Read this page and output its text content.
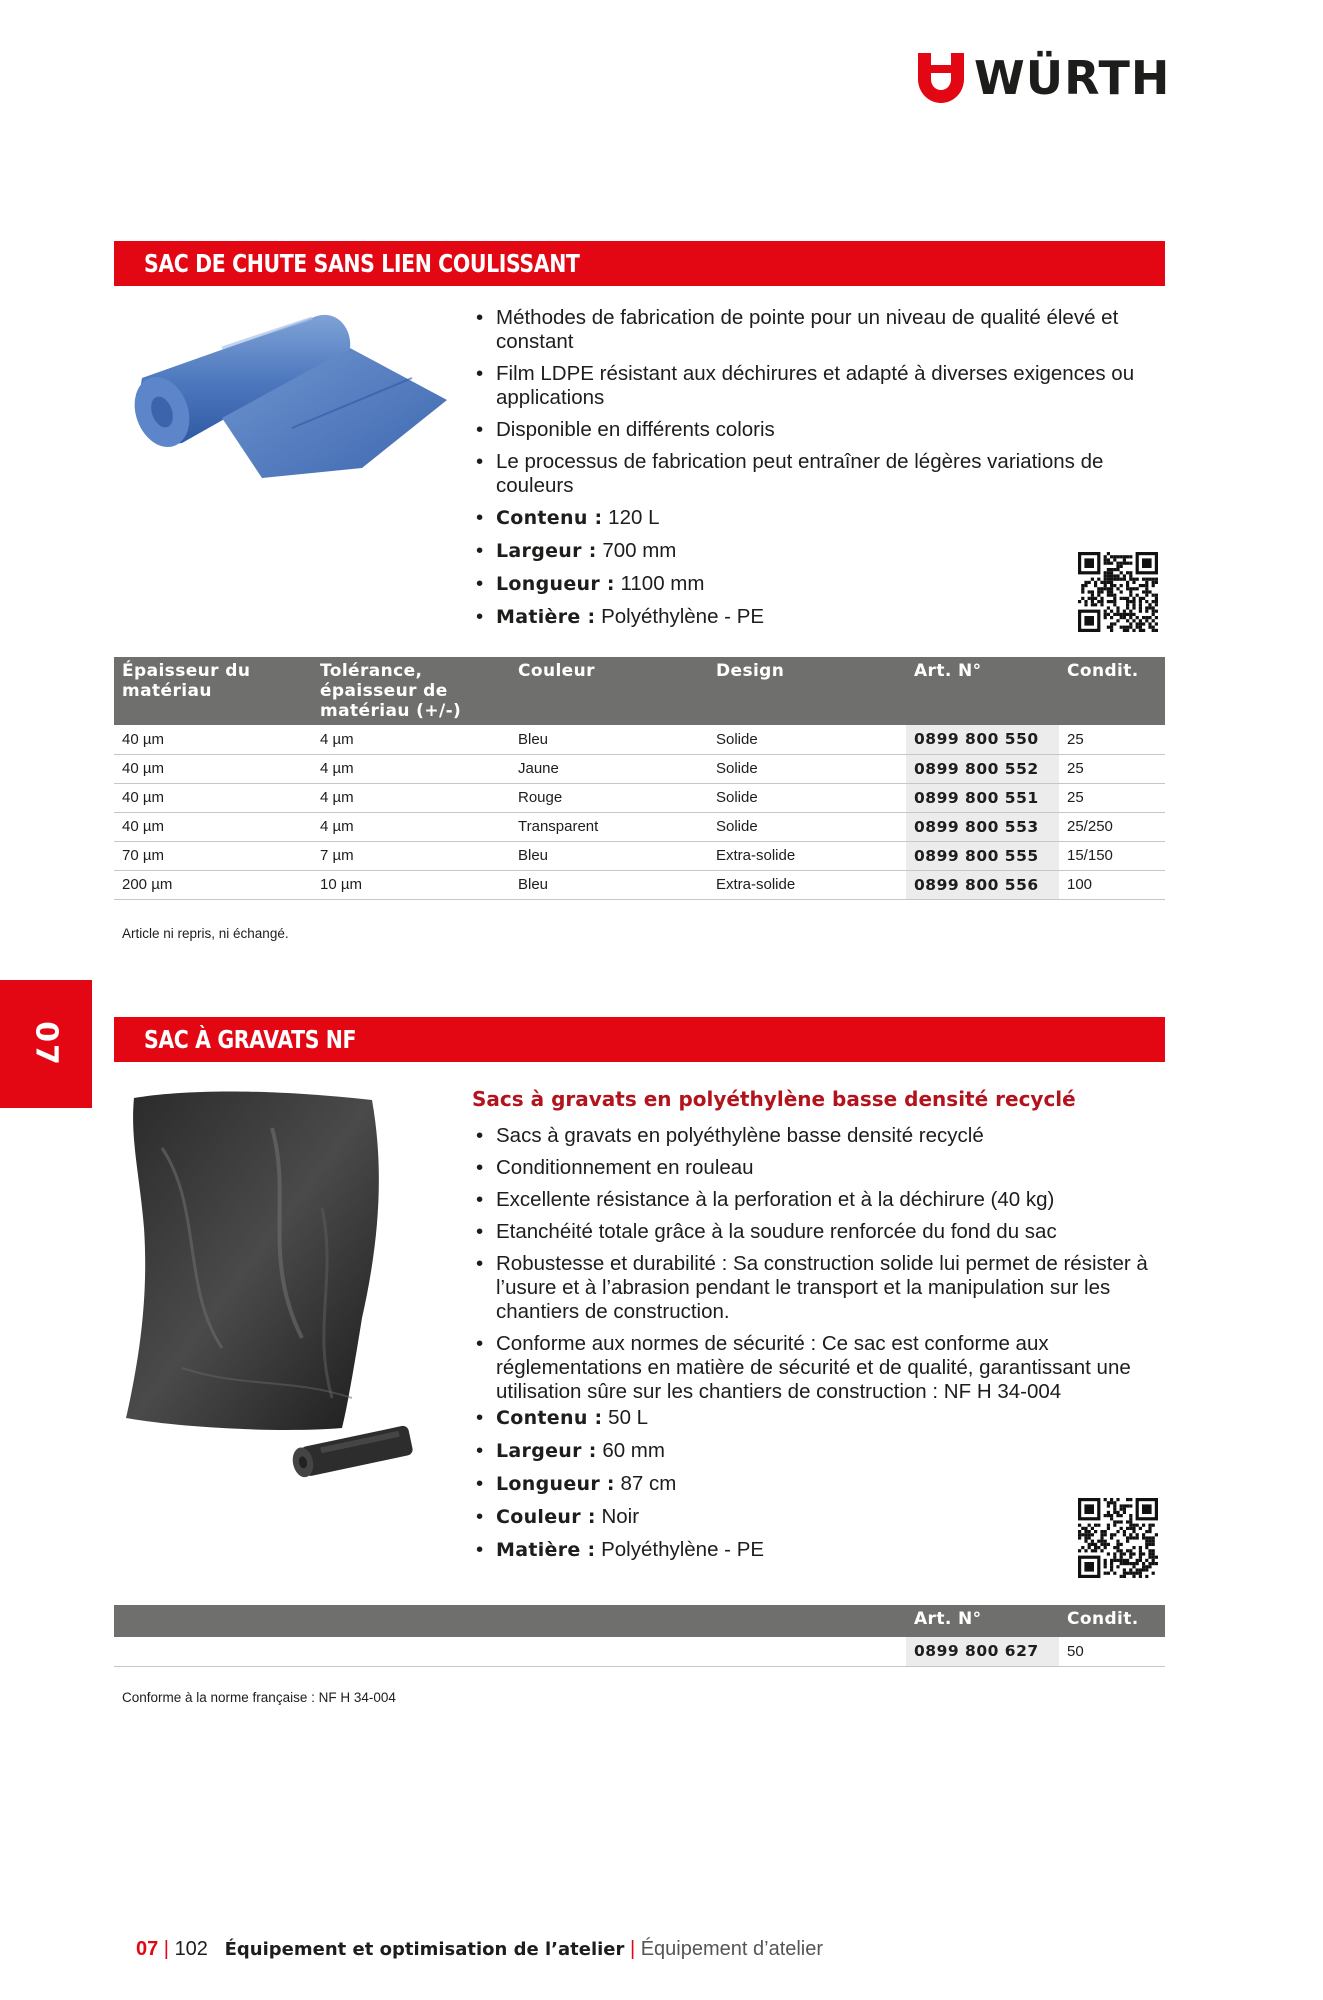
WÜRTH
SAC DE CHUTE SANS LIEN COULISSANT
• Méthodes de fabrication de pointe pour un niveau de qualité élevé et constant
• Film LDPE résistant aux déchirures et adapté à diverses exigences ou applications
• Disponible en différents coloris
• Le processus de fabrication peut entraîner de légères variations de couleurs
• Contenu : 120 L
• Largeur : 700 mm
• Longueur : 1100 mm
• Matière : Polyéthylène - PE
Épaisseur du matériau	Tolérance, épaisseur de matériau (+/-)	Couleur	Design	Art. N°	Condit.
40 µm	4 µm	Bleu	Solide	0899 800 550	25
40 µm	4 µm	Jaune	Solide	0899 800 552	25
40 µm	4 µm	Rouge	Solide	0899 800 551	25
40 µm	4 µm	Transparent	Solide	0899 800 553	25/250
70 µm	7 µm	Bleu	Extra-solide	0899 800 555	15/150
200 µm	10 µm	Bleu	Extra-solide	0899 800 556	100
Article ni repris, ni échangé.
07	SAC À GRAVATS NF
Sacs à gravats en polyéthylène basse densité recyclé
• Sacs à gravats en polyéthylène basse densité recyclé
• Conditionnement en rouleau
• Excellente résistance à la perforation et à la déchirure (40 kg)
• Etanchéité totale grâce à la soudure renforcée du fond du sac
• Robustesse et durabilité : Sa construction solide lui permet de résister à l’usure et à l’abrasion pendant le transport et la manipulation sur les chantiers de construction.
• Conforme aux normes de sécurité : Ce sac est conforme aux réglementations en matière de sécurité et de qualité, garantissant une utilisation sûre sur les chantiers de construction : NF H 34-004
• Contenu : 50 L
• Largeur : 60 mm
• Longueur : 87 cm
• Couleur : Noir
• Matière : Polyéthylène - PE
	Art. N°	Condit.
	0899 800 627	50
Conforme à la norme française : NF H 34-004
07 | 102 Équipement et optimisation de l’atelier | Équipement d’atelier
